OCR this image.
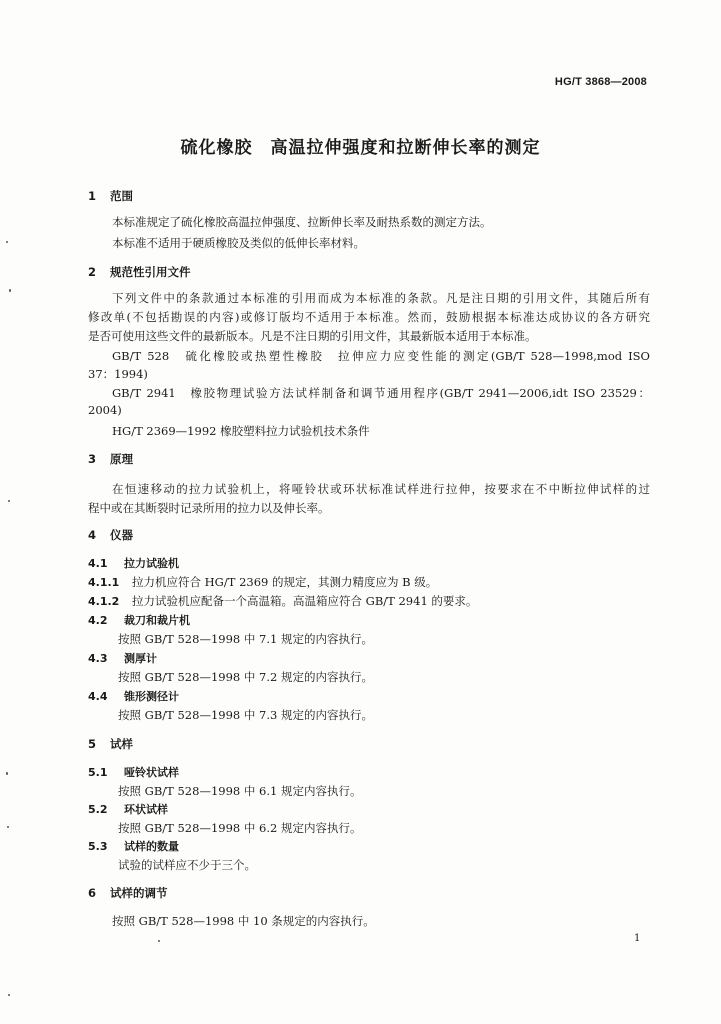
HG/T 3868—2008
硫化橡胶　高温拉伸强度和拉断伸长率的测定
1 范围
本标准规定了硫化橡胶高温拉伸强度、拉断伸长率及耐热系数的测定方法。
本标准不适用于硬质橡胶及类似的低伸长率材料。
2 规范性引用文件
下列文件中的条款通过本标准的引用而成为本标准的条款。凡是注日期的引用文件，其随后所有
修改单(不包括勘误的内容)或修订版均不适用于本标准。然而，鼓励根据本标准达成协议的各方研究
是否可使用这些文件的最新版本。凡是不注日期的引用文件，其最新版本适用于本标准。
GB/T 528　硫化橡胶或热塑性橡胶　拉伸应力应变性能的测定(GB/T 528—1998,mod ISO
37：1994)
GB/T 2941　橡胶物理试验方法试样制备和调节通用程序(GB/T 2941—2006,idt ISO 23529：
2004)
HG/T 2369—1992 橡胶塑料拉力试验机技术条件
3 原理
在恒速移动的拉力试验机上，将哑铃状或环状标准试样进行拉伸，按要求在不中断拉伸试样的过
程中或在其断裂时记录所用的拉力以及伸长率。
4 仪器
4.1 拉力试验机
4.1.1 拉力机应符合 HG/T 2369 的规定，其测力精度应为 B 级。
4.1.2 拉力试验机应配备一个高温箱。高温箱应符合 GB/T 2941 的要求。
4.2 裁刀和裁片机
按照 GB/T 528—1998 中 7.1 规定的内容执行。
4.3 测厚计
按照 GB/T 528—1998 中 7.2 规定的内容执行。
4.4 锥形测径计
按照 GB/T 528—1998 中 7.3 规定的内容执行。
5 试样
5.1 哑铃状试样
按照 GB/T 528—1998 中 6.1 规定内容执行。
5.2 环状试样
按照 GB/T 528—1998 中 6.2 规定内容执行。
5.3 试样的数量
试验的试样应不少于三个。
6 试样的调节
按照 GB/T 528—1998 中 10 条规定的内容执行。
1
